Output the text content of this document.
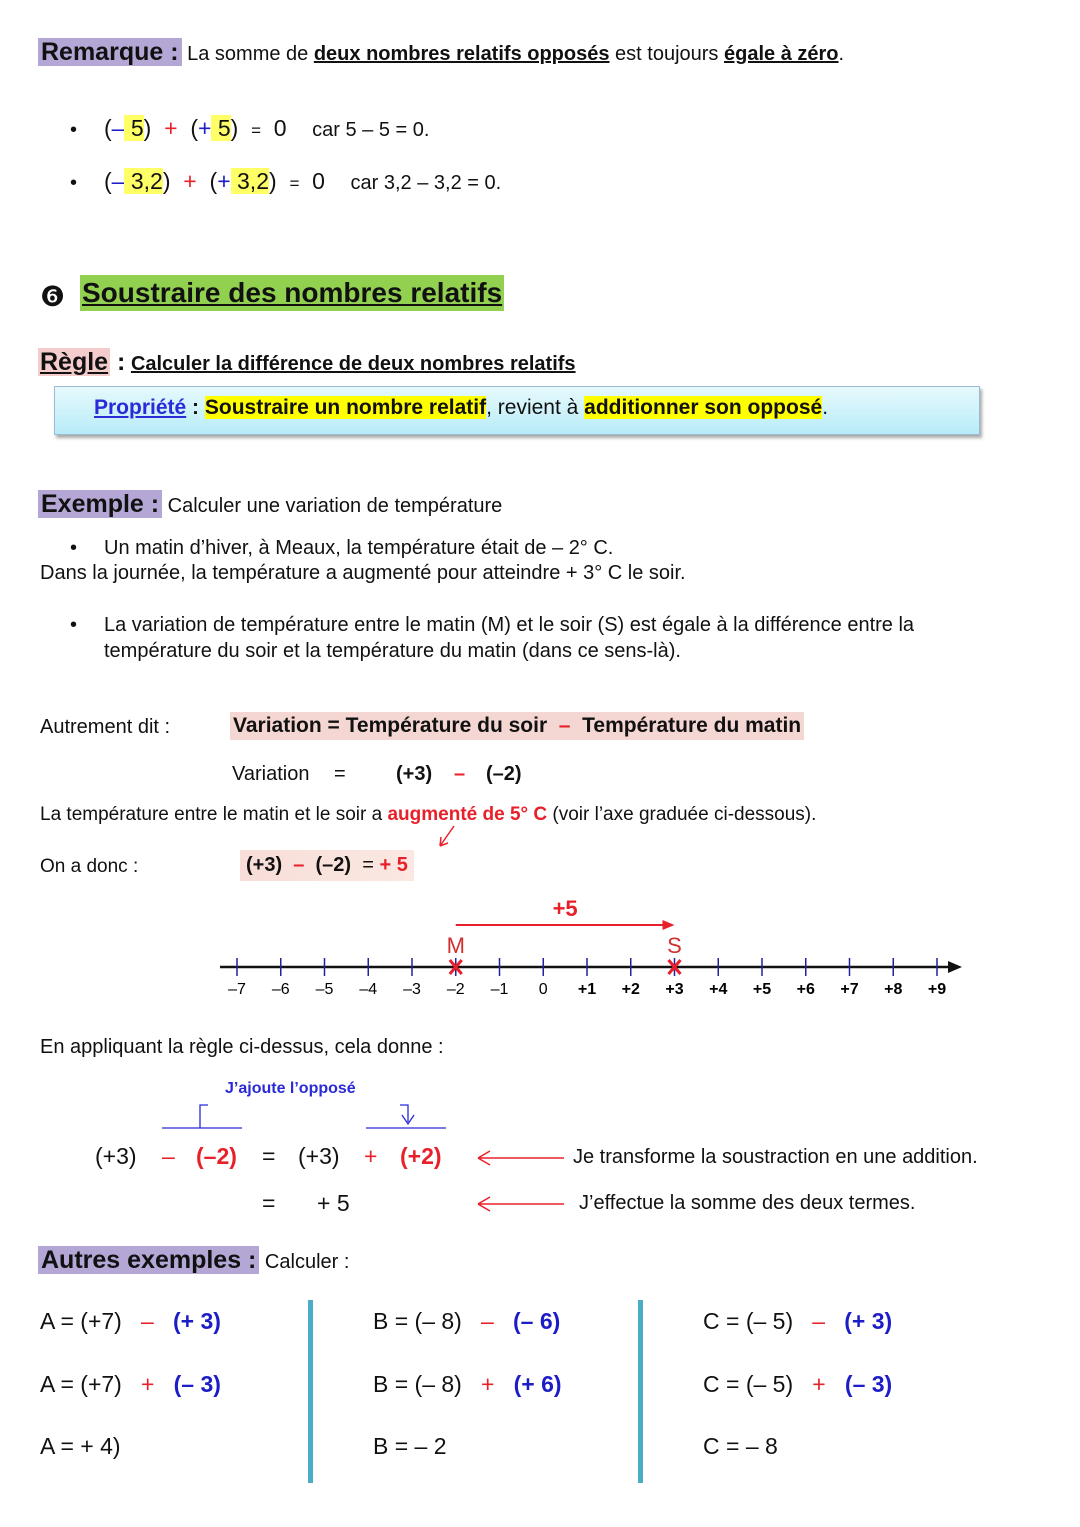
Remarque : La somme de deux nombres relatifs opposés est toujours égale à zéro.
• (– 5) + (+ 5) = 0 car 5 – 5 = 0.
• (– 3,2) + (+ 3,2) = 0 car 3,2 – 3,2 = 0.
❻ Soustraire des nombres relatifs
Règle : Calculer la différence de deux nombres relatifs
Propriété : Soustraire un nombre relatif, revient à additionner son opposé.
Exemple : Calculer une variation de température
• Un matin d’hiver, à Meaux, la température était de – 2° C.
Dans la journée, la température a augmenté pour atteindre + 3° C le soir.
• La variation de température entre le matin (M) et le soir (S) est égale à la différence entre la
température du soir et la température du matin (dans ce sens-là).
Autrement dit :	Variation = Température du soir – Température du matin
Variation =	(+3) – (–2)
La température entre le matin et le soir a augmenté de 5° C (voir l’axe graduée ci-dessous).
On a donc :	(+3) – (–2) = + 5
–7 –6 –5 –4 –3 –2 –1 0 +1 +2 +3 +4 +5 +6 +7 +8 +9
M	S
+5
En appliquant la règle ci-dessus, cela donne :
J’ajoute l’opposé
(+3) – (–2) = (+3) + (+2)	Je transforme la soustraction en une addition.
= + 5	J’effectue la somme des deux termes.
Autres exemples : Calculer :
A = (+7) – (+ 3)
A = (+7) + (– 3)
A = + 4)
B = (– 8) – (– 6)
B = (– 8) + (+ 6)
B = – 2
C = (– 5) – (+ 3)
C = (– 5) + (– 3)
C = – 8
